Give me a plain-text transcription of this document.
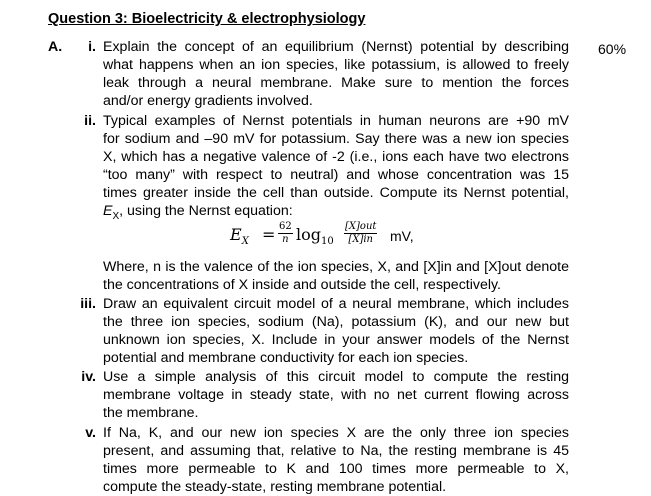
Question 3: Bioelectricity & electrophysiology
A.	60%
i. Explain the concept of an equilibrium (Nernst) potential by describing
what happens when an ion species, like potassium, is allowed to freely
leak through a neural membrane. Make sure to mention the forces
and/or energy gradients involved.
ii. Typical examples of Nernst potentials in human neurons are +90 mV
for sodium and –90 mV for potassium. Say there was a new ion species
X, which has a negative valence of -2 (i.e., ions each have two electrons
“too many” with respect to neutral) and whose concentration was 15
times greater inside the cell than outside. Compute its Nernst potential,
$E_X$, using the Nernst equation:
$E_X = \frac{62}{n} \log_{10}$
[X]out
[X]in	mV,
Where, n is the valence of the ion species, X, and [X]in and [X]out denote
the concentrations of X inside and outside the cell, respectively.
iii. Draw an equivalent circuit model of a neural membrane, which includes
the three ion species, sodium (Na), potassium (K), and our new but
unknown ion species, X. Include in your answer models of the Nernst
potential and membrane conductivity for each ion species.
iv. Use a simple analysis of this circuit model to compute the resting
membrane voltage in steady state, with no net current flowing across
the membrane.
v. If Na, K, and our new ion species X are the only three ion species
present, and assuming that, relative to Na, the resting membrane is 45
times more permeable to K and 100 times more permeable to X,
compute the steady-state, resting membrane potential.
